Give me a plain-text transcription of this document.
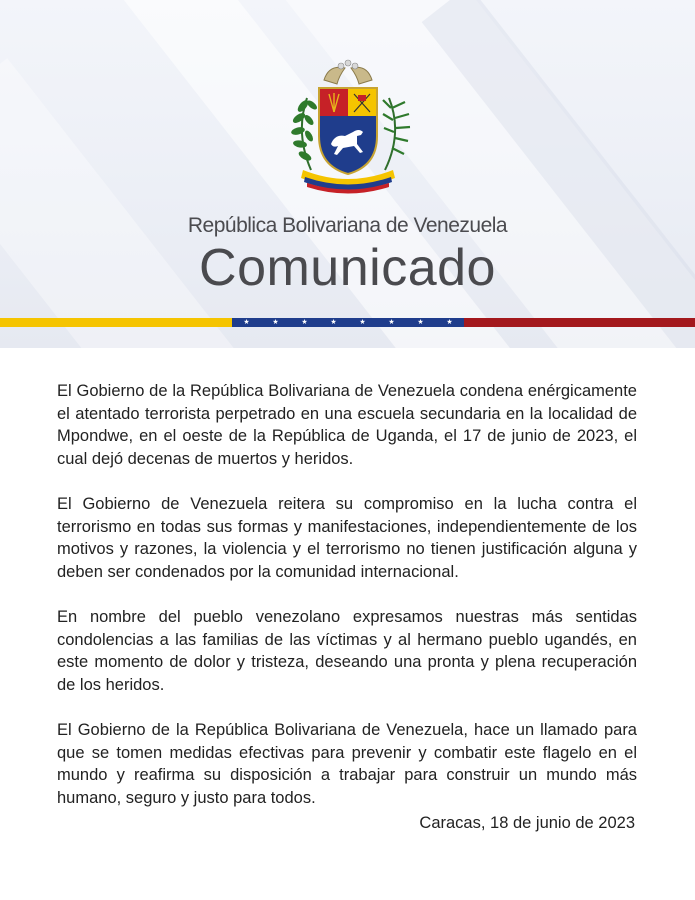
República Bolivariana de Venezuela
Comunicado
★	★	★	★	★	★	★	★

El Gobierno de la República Bolivariana de Venezuela condena enérgicamente el atentado terrorista perpetrado en una escuela secundaria en la localidad de Mpondwe, en el oeste de la República de Uganda, el 17 de junio de 2023, el cual dejó decenas de muertos y heridos.

El Gobierno de Venezuela reitera su compromiso en la lucha contra el terrorismo en todas sus formas y manifestaciones, independientemente de los motivos y razones, la violencia y el terrorismo no tienen justificación alguna y deben ser condenados por la comunidad internacional.

En nombre del pueblo venezolano expresamos nuestras más sentidas condolencias a las familias de las víctimas y al hermano pueblo ugandés, en este momento de dolor y tristeza, deseando una pronta y plena recuperación de los heridos.

El Gobierno de la República Bolivariana de Venezuela, hace un llamado para que se tomen medidas efectivas para prevenir y combatir este flagelo en el mundo y reafirma su disposición a trabajar para construir un mundo más humano, seguro y justo para todos.

Caracas, 18 de junio de 2023
